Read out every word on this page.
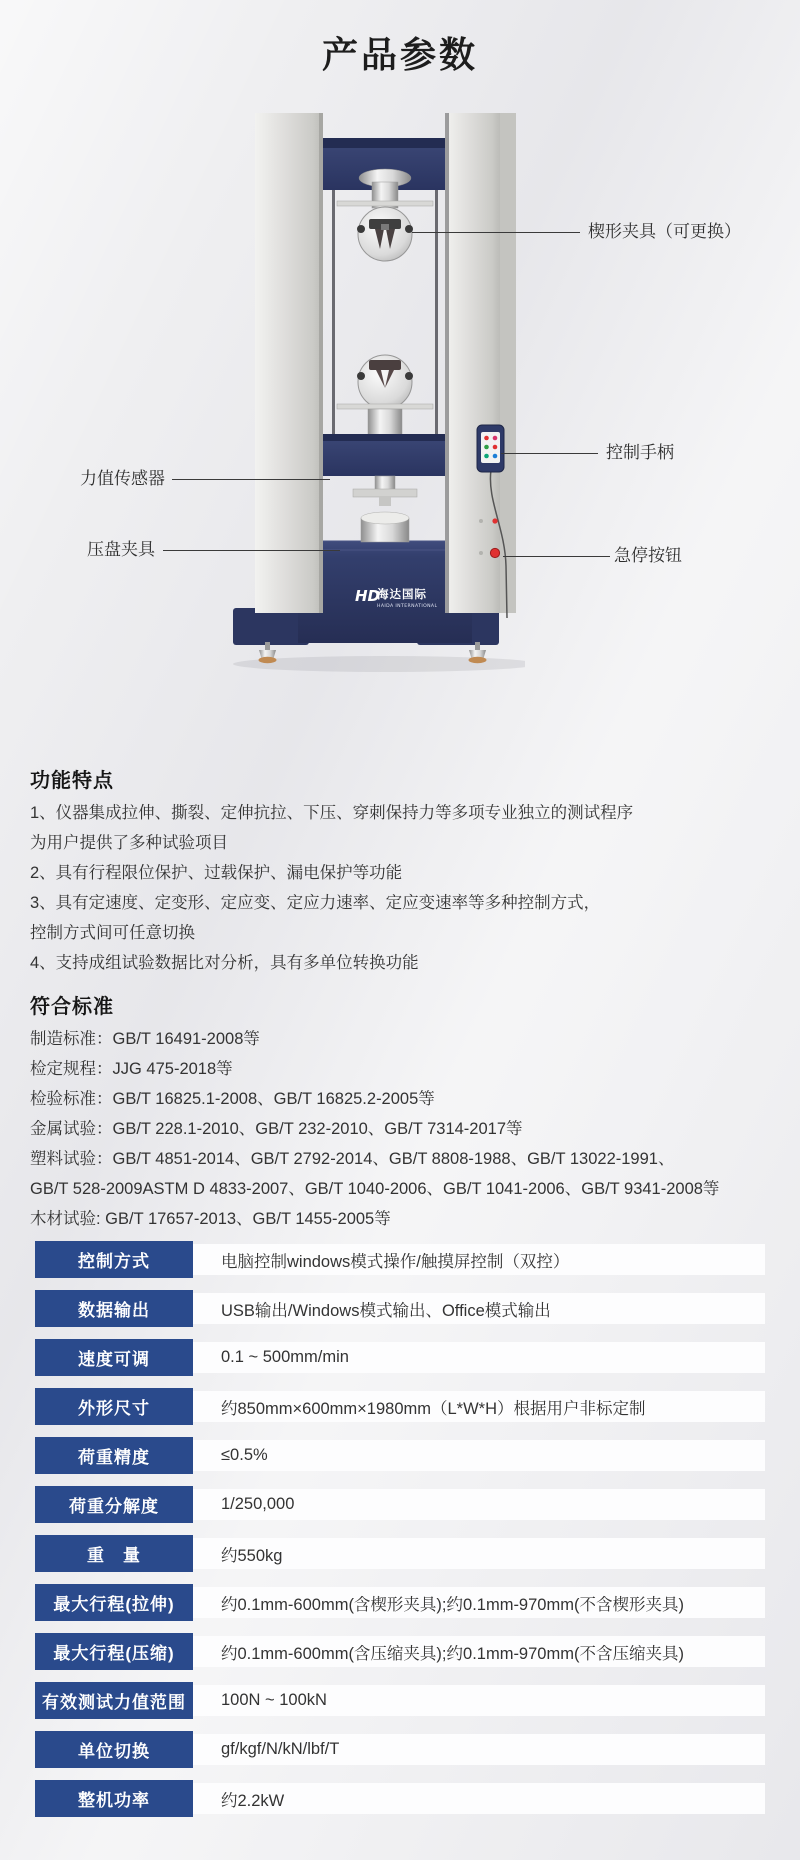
产品参数
HD
海达国际
HAIDA INTERNATIONAL
楔形夹具（可更换）
控制手柄
力值传感器
压盘夹具	急停按钮
功能特点

1、仪器集成拉伸、撕裂、定伸抗拉、下压、穿刺保持力等多项专业独立的测试程序

为用户提供了多种试验项目

2、具有行程限位保护、过载保护、漏电保护等功能

3、具有定速度、定变形、定应变、定应力速率、定应变速率等多种控制方式，

控制方式间可任意切换

4、支持成组试验数据比对分析，具有多单位转换功能

符合标准

制造标准：GB/T 16491-2008等

检定规程：JJG 475-2018等

检验标准：GB/T 16825.1-2008、GB/T 16825.2-2005等

金属试验：GB/T 228.1-2010、GB/T 232-2010、GB/T 7314-2017等

塑料试验：GB/T 4851-2014、GB/T 2792-2014、GB/T 8808-1988、GB/T 13022-1991、

GB/T 528-2009ASTM D 4833-2007、GB/T 1040-2006、GB/T 1041-2006、GB/T 9341-2008等

木材试验: GB/T 17657-2013、GB/T 1455-2005等

控制方式	电脑控制windows模式操作/触摸屏控制（双控）
数据输出	USB输出/Windows模式输出、Office模式输出
速度可调	0.1 ~ 500mm/min
外形尺寸	约850mm×600mm×1980mm（L*W*H）根据用户非标定制
荷重精度	≤0.5%
荷重分解度	1/250,000
重　量	约550kg
最大行程(拉伸)	约0.1mm-600mm(含楔形夹具);约0.1mm-970mm(不含楔形夹具)
最大行程(压缩)	约0.1mm-600mm(含压缩夹具);约0.1mm-970mm(不含压缩夹具)
有效测试力值范围	100N ~ 100kN
单位切换	gf/kgf/N/kN/lbf/T
整机功率	约2.2kW
